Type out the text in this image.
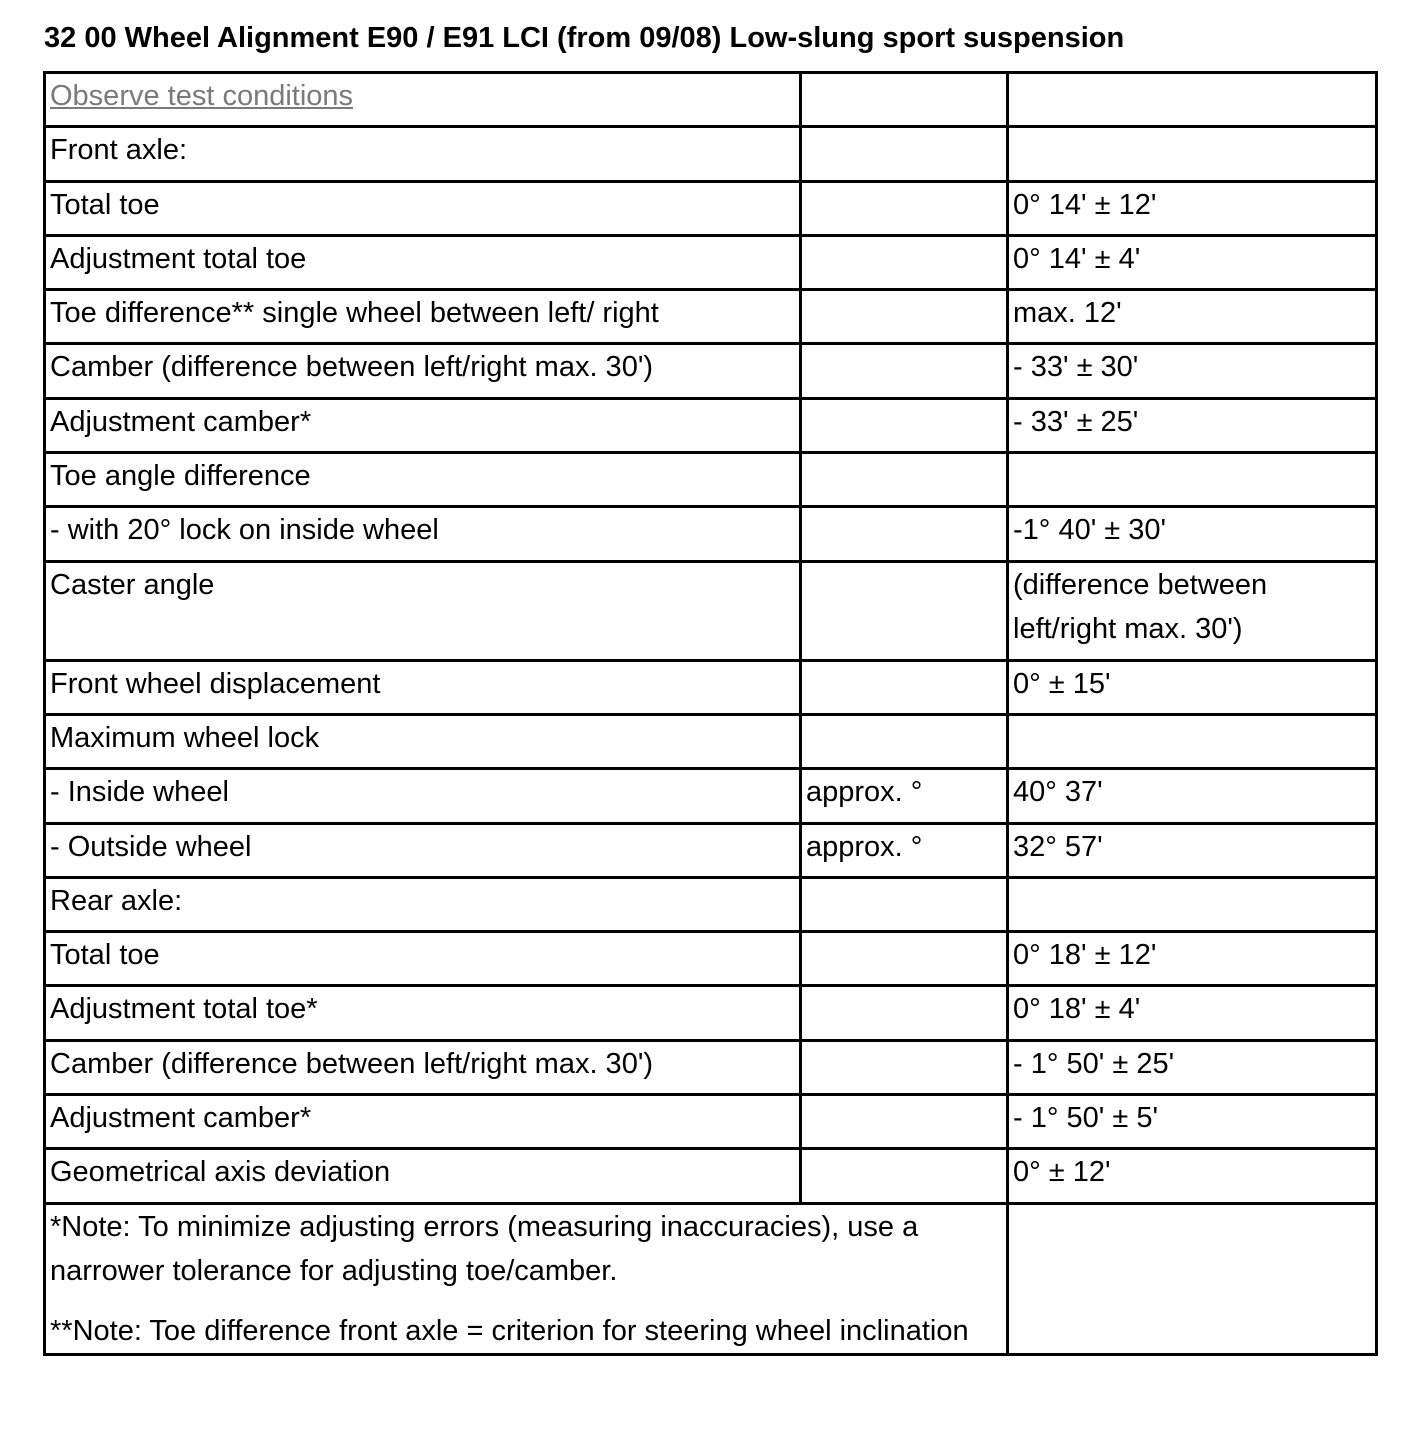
32 00 Wheel Alignment E90 / E91 LCI (from 09/08) Low-slung sport suspension
Observe test conditions		
Front axle:		
Total toe		0° 14' ± 12'
Adjustment total toe		0° 14' ± 4'
Toe difference** single wheel between left/ right		max. 12'
Camber (difference between left/right max. 30')		- 33' ± 30'
Adjustment camber*		- 33' ± 25'
Toe angle difference		
- with 20° lock on inside wheel		-1° 40' ± 30'
Caster angle		(difference between left/right max. 30')
Front wheel displacement		0° ± 15'
Maximum wheel lock		
- Inside wheel	approx. °	40° 37'
- Outside wheel	approx. °	32° 57'
Rear axle:		
Total toe		0° 18' ± 12'
Adjustment total toe*		0° 18' ± 4'
Camber (difference between left/right max. 30')		- 1° 50' ± 25'
Adjustment camber*		- 1° 50' ± 5'
Geometrical axis deviation		0° ± 12'

*Note: To minimize adjusting errors (measuring inaccuracies), use a narrower tolerance for adjusting toe/camber.

**Note: Toe difference front axle = criterion for steering wheel inclination		
